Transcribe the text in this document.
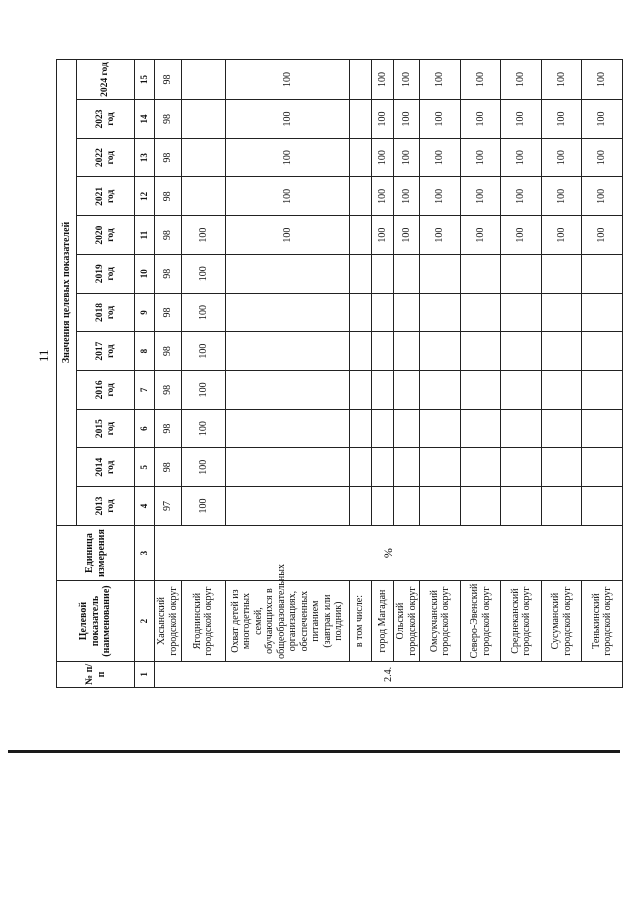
11
№ п/п	Целевой показатель (наименование)	Единица измерения	Значения целевых показателей											
			2013 год	2014 год	2015 год	2016 год	2017 год	2018 год	2019 год	2020 год	2021 год	2022 год	2023 год	2024 год
1	2	3	4	5	6	7	8	9	10	11	12	13	14	15
2.4.	Хасынский городской округ	%	97	98	98	98	98	98	98	98	98	98	98	98
	Ягоднинский городской округ		100	100	100	100	100	100	100	100				
	Охват детей из многодетных семей, обучающихся в общеобразовательных организациях, обеспеченных питанием (завтрак или полдник)									100	100	100	100	100
	в том числе:													
	город Магадан									100	100	100	100	100
	Ольский городской округ									100	100	100	100	100
	Омсукчанский городской округ									100	100	100	100	100
	Северо-Эвенский городской округ									100	100	100	100	100
	Среднеканский городской округ									100	100	100	100	100
	Сусуманский городской округ									100	100	100	100	100
	Тенькинский городской округ									100	100	100	100	100
